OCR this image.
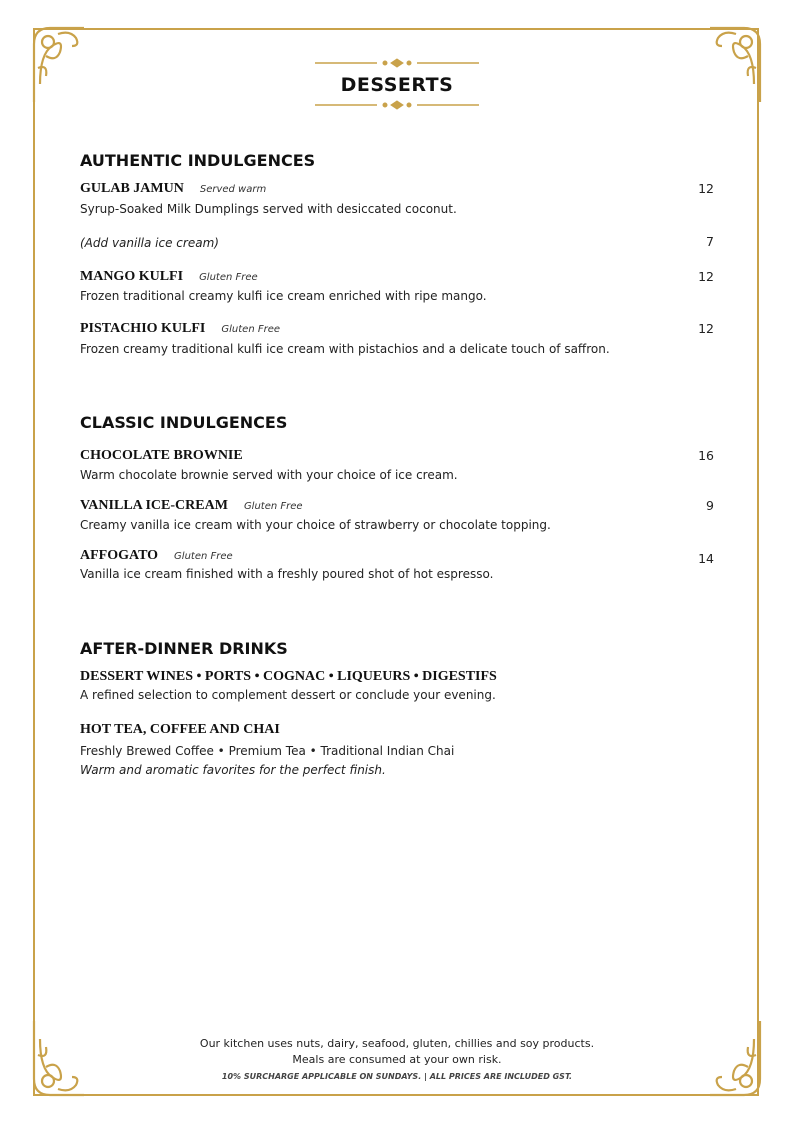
DESSERTS
AUTHENTIC INDULGENCES
GULAB JAMUN Served warm	12
Syrup-Soaked Milk Dumplings served with desiccated coconut.
(Add vanilla ice cream)	7
MANGO KULFI Gluten Free	12
Frozen traditional creamy kulfi ice cream enriched with ripe mango.
PISTACHIO KULFI Gluten Free	12
Frozen creamy traditional kulfi ice cream with pistachios and a delicate touch of saffron.
CLASSIC INDULGENCES
CHOCOLATE BROWNIE	16
Warm chocolate brownie served with your choice of ice cream.
VANILLA ICE-CREAM Gluten Free	9
Creamy vanilla ice cream with your choice of strawberry or chocolate topping.
AFFOGATO Gluten Free	14
Vanilla ice cream finished with a freshly poured shot of hot espresso.
AFTER-DINNER DRINKS
DESSERT WINES • PORTS • COGNAC • LIQUEURS • DIGESTIFS
A refined selection to complement dessert or conclude your evening.
HOT TEA, COFFEE AND CHAI
Freshly Brewed Coffee • Premium Tea • Traditional Indian Chai
Warm and aromatic favorites for the perfect finish.
Our kitchen uses nuts, dairy, seafood, gluten, chillies and soy products.
Meals are consumed at your own risk.
10% SURCHARGE APPLICABLE ON SUNDAYS. | ALL PRICES ARE INCLUDED GST.
